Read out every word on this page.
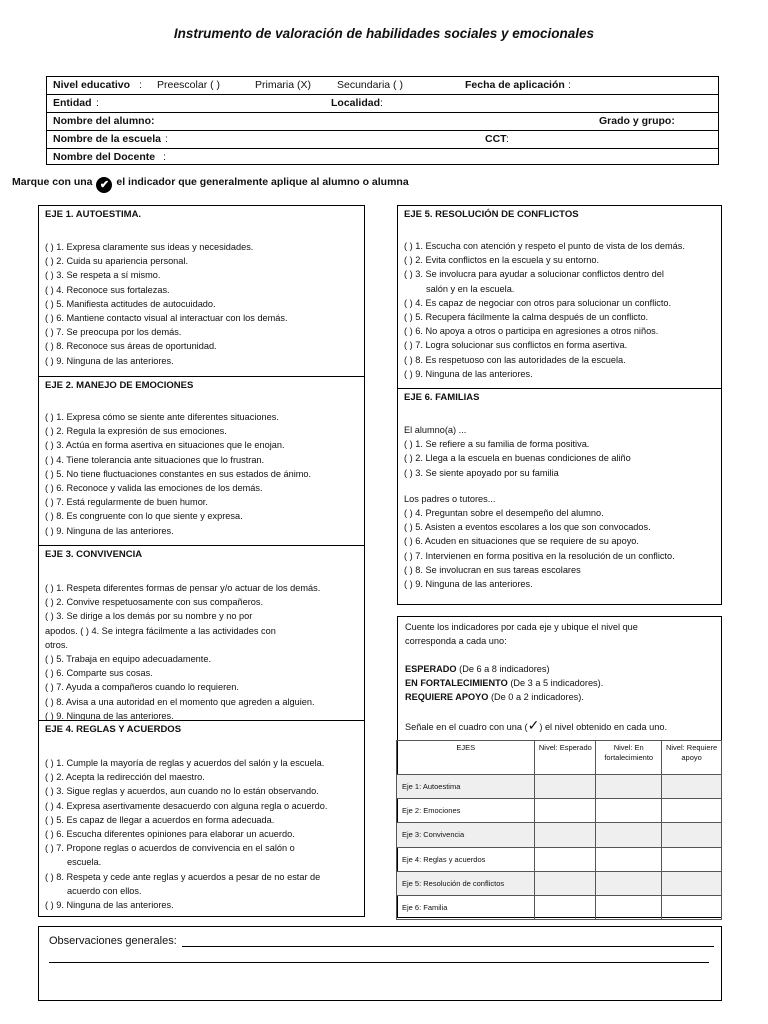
Instrumento de valoración de habilidades sociales y emocionales
Nivel educativo : Preescolar ( )	Primaria (X) Secundaria ( )	Fecha de aplicación :
Entidad :	Localidad :
Nombre del alumno:	Grado y grupo:
Nombre de la escuela :	CCT :
Nombre del Docente :
Marque con una ✔ el indicador que generalmente aplique al alumno o alumna
EJE 1. AUTOESTIMA.
( ) 1. Expresa claramente sus ideas y necesidades.
( ) 2. Cuida su apariencia personal.
( ) 3. Se respeta a sí mismo.
( ) 4. Reconoce sus fortalezas.
( ) 5. Manifiesta actitudes de autocuidado.
( ) 6. Mantiene contacto visual al interactuar con los demás.
( ) 7. Se preocupa por los demás.
( ) 8. Reconoce sus áreas de oportunidad.
( ) 9. Ninguna de las anteriores.
EJE 2. MANEJO DE EMOCIONES
( ) 1. Expresa cómo se siente ante diferentes situaciones.
( ) 2. Regula la expresión de sus emociones.
( ) 3. Actúa en forma asertiva en situaciones que le enojan.
( ) 4. Tiene tolerancia ante situaciones que lo frustran.
( ) 5. No tiene fluctuaciones constantes en sus estados de ánimo.
( ) 6. Reconoce y valida las emociones de los demás.
( ) 7. Está regularmente de buen humor.
( ) 8. Es congruente con lo que siente y expresa.
( ) 9. Ninguna de las anteriores.
EJE 3. CONVIVENCIA
( ) 1. Respeta diferentes formas de pensar y/o actuar de los demás.
( ) 2. Convive respetuosamente con sus compañeros.
( ) 3. Se dirige a los demás por su nombre y no por
apodos. ( ) 4. Se integra fácilmente a las actividades con
otros.
( ) 5. Trabaja en equipo adecuadamente.
( ) 6. Comparte sus cosas.
( ) 7. Ayuda a compañeros cuando lo requieren.
( ) 8. Avisa a una autoridad en el momento que agreden a alguien.
( ) 9. Ninguna de las anteriores.
EJE 4. REGLAS Y ACUERDOS
( ) 1. Cumple la mayoría de reglas y acuerdos del salón y la escuela.
( ) 2. Acepta la redirección del maestro.
( ) 3. Sigue reglas y acuerdos, aun cuando no lo están observando.
( ) 4. Expresa asertivamente desacuerdo con alguna regla o acuerdo.
( ) 5. Es capaz de llegar a acuerdos en forma adecuada.
( ) 6. Escucha diferentes opiniones para elaborar un acuerdo.
( ) 7. Propone reglas o acuerdos de convivencia en el salón o
escuela.
( ) 8. Respeta y cede ante reglas y acuerdos a pesar de no estar de
acuerdo con ellos.
( ) 9. Ninguna de las anteriores.
EJE 5. RESOLUCIÓN DE CONFLICTOS
( ) 1. Escucha con atención y respeto el punto de vista de los demás.
( ) 2. Evita conflictos en la escuela y su entorno.
( ) 3. Se involucra para ayudar a solucionar conflictos dentro del
salón y en la escuela.
( ) 4. Es capaz de negociar con otros para solucionar un conflicto.
( ) 5. Recupera fácilmente la calma después de un conflicto.
( ) 6. No apoya a otros o participa en agresiones a otros niños.
( ) 7. Logra solucionar sus conflictos en forma asertiva.
( ) 8. Es respetuoso con las autoridades de la escuela.
( ) 9. Ninguna de las anteriores.
EJE 6. FAMILIAS
El alumno(a) ...
( ) 1. Se refiere a su familia de forma positiva.
( ) 2. Llega a la escuela en buenas condiciones de aliño
( ) 3. Se siente apoyado por su familia
Los padres o tutores...
( ) 4. Preguntan sobre el desempeño del alumno.
( ) 5. Asisten a eventos escolares a los que son convocados.
( ) 6. Acuden en situaciones que se requiere de su apoyo.
( ) 7. Intervienen en forma positiva en la resolución de un conflicto.
( ) 8. Se involucran en sus tareas escolares
( ) 9. Ninguna de las anteriores.
Cuente los indicadores por cada eje y ubique el nivel que
corresponda a cada uno:
ESPERADO (De 6 a 8 indicadores)
EN FORTALECIMIENTO (De 3 a 5 indicadores).
REQUIERE APOYO (De 0 a 2 indicadores).
Señale en el cuadro con una (✓) el nivel obtenido en cada uno.
EJES	Nivel: Esperado	Nivel: En fortalecimiento	Nivel: Requiere apoyo
Eje 1: Autoestima			
Eje 2: Emociones			
Eje 3: Convivencia			
Eje 4: Reglas y acuerdos			
Eje 5: Resolución de conflictos			
Eje 6: Familia			
Observaciones generales:
